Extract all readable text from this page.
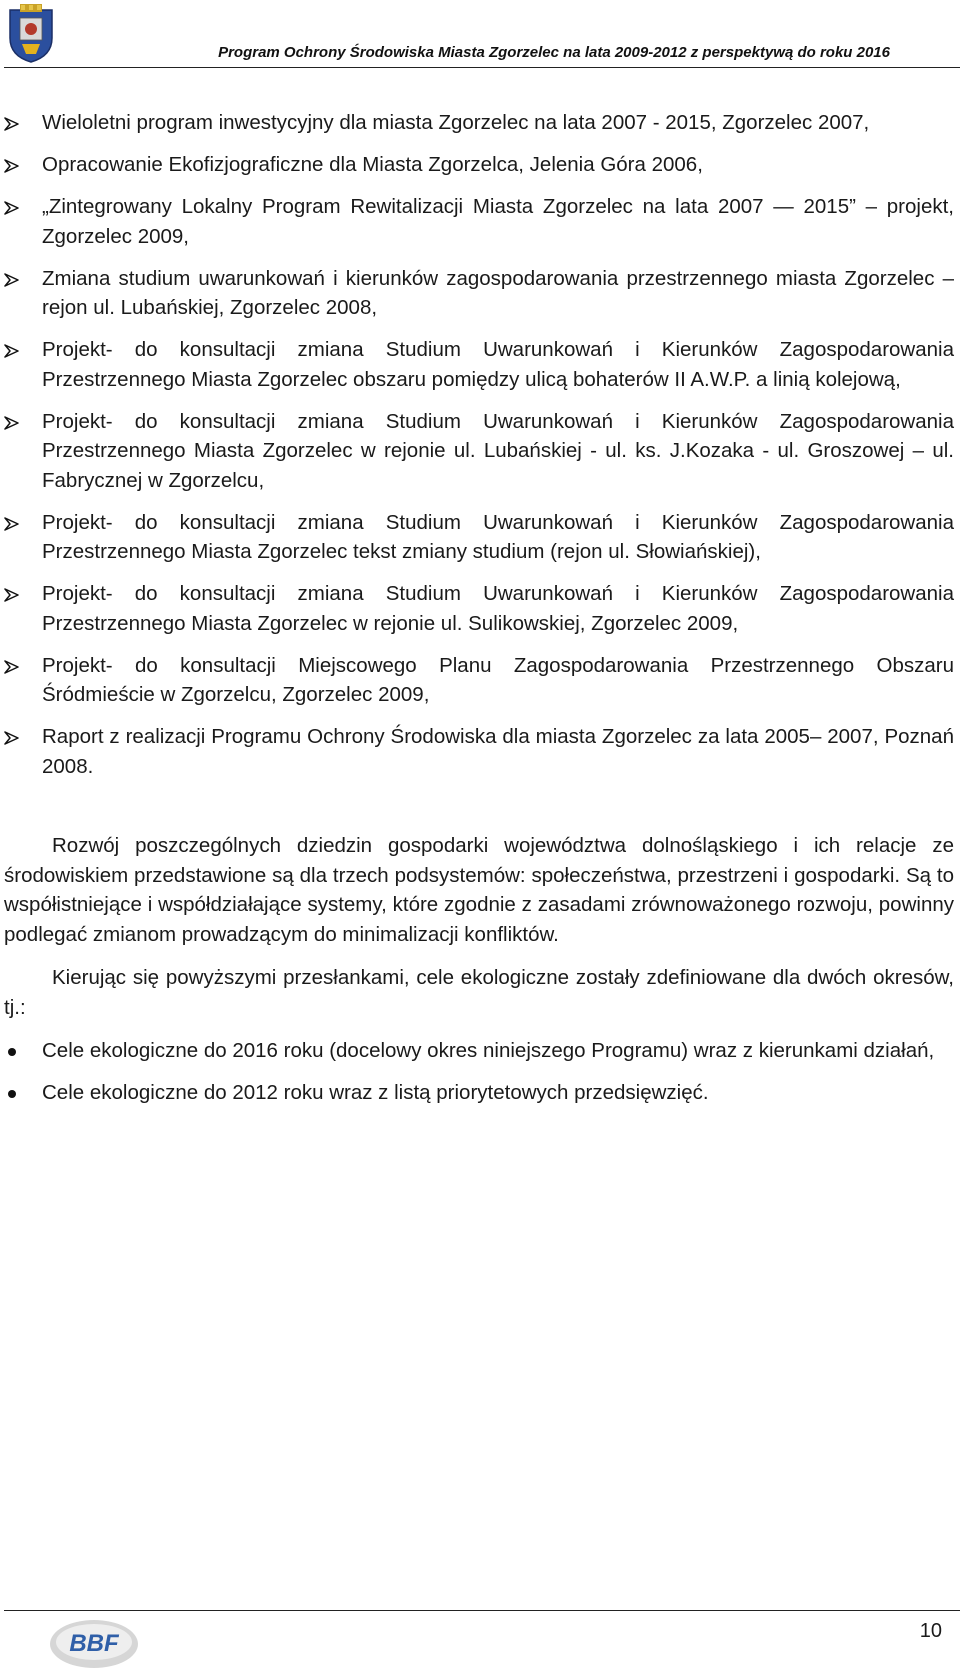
Program Ochrony Środowiska Miasta Zgorzelec na lata 2009-2012 z perspektywą do roku 2016
Wieloletni program inwestycyjny dla miasta Zgorzelec na lata 2007 - 2015, Zgorzelec 2007,
Opracowanie Ekofizjograficzne dla Miasta Zgorzelca, Jelenia Góra 2006,
„Zintegrowany Lokalny Program Rewitalizacji Miasta Zgorzelec na lata 2007 — 2015” – projekt, Zgorzelec 2009,
Zmiana studium uwarunkowań i kierunków zagospodarowania przestrzennego miasta Zgorzelec – rejon ul. Lubańskiej, Zgorzelec 2008,
Projekt- do konsultacji zmiana Studium Uwarunkowań i Kierunków Zagospodarowania Przestrzennego Miasta Zgorzelec obszaru pomiędzy ulicą bohaterów II A.W.P. a linią kolejową,
Projekt- do konsultacji zmiana Studium Uwarunkowań i Kierunków Zagospodarowania Przestrzennego Miasta Zgorzelec w rejonie ul. Lubańskiej - ul. ks. J.Kozaka - ul. Groszowej – ul. Fabrycznej w Zgorzelcu,
Projekt- do konsultacji zmiana Studium Uwarunkowań i Kierunków Zagospodarowania Przestrzennego Miasta Zgorzelec tekst zmiany studium (rejon ul. Słowiańskiej),
Projekt- do konsultacji zmiana Studium Uwarunkowań i Kierunków Zagospodarowania Przestrzennego Miasta Zgorzelec w rejonie ul. Sulikowskiej, Zgorzelec 2009,
Projekt- do konsultacji Miejscowego Planu Zagospodarowania Przestrzennego Obszaru Śródmieście w Zgorzelcu, Zgorzelec 2009,
Raport z realizacji Programu Ochrony Środowiska dla miasta Zgorzelec za lata 2005– 2007, Poznań 2008.

Rozwój poszczególnych dziedzin gospodarki województwa dolnośląskiego i ich relacje ze środowiskiem przedstawione są dla trzech podsystemów: społeczeństwa, przestrzeni i gospodarki. Są to współistniejące i współdziałające systemy, które zgodnie z zasadami zrównoważonego rozwoju, powinny podlegać zmianom prowadzącym do minimalizacji konfliktów.

Kierując się powyższymi przesłankami, cele ekologiczne zostały zdefiniowane dla dwóch okresów, tj.:

Cele ekologiczne do 2016 roku (docelowy okres niniejszego Programu) wraz z kierunkami działań,
Cele ekologiczne do 2012 roku wraz z listą priorytetowych przedsięwzięć.
BBF	10
